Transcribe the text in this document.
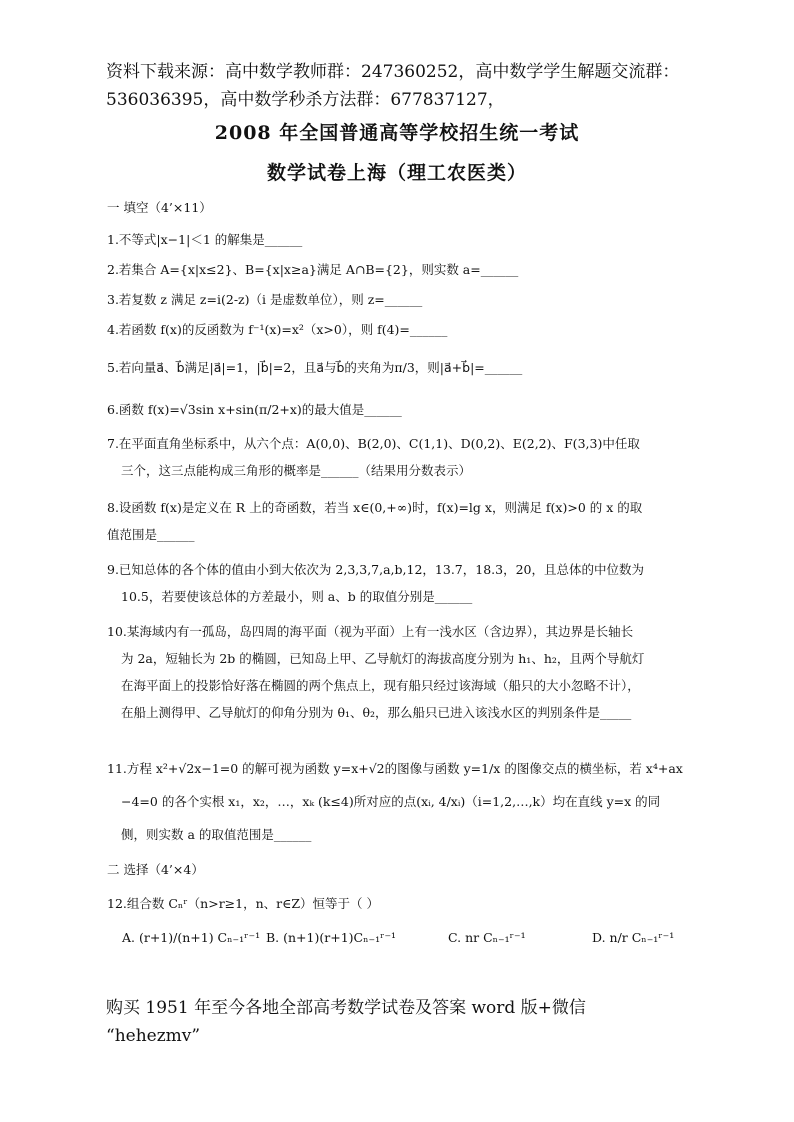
资料下载来源：高中数学教师群：247360252，高中数学学生解题交流群：
536036395，高中数学秒杀方法群：677837127，
2008 年全国普通高等学校招生统一考试
数学试卷上海（理工农医类）
一 填空（4’×11）
1.不等式|x−1|＜1 的解集是______
2.若集合 A={x|x≤2}、B={x|x≥a}满足 A∩B={2}，则实数 a=______
3.若复数 z 满足 z=i(2-z)（i 是虚数单位），则 z=______
4.若函数 f(x)的反函数为 f⁻¹(x)=x²（x>0），则 f(4)=______
5.若向量a⃗、b⃗满足|a⃗|=1，|b⃗|=2，且a⃗与b⃗的夹角为π/3，则|a⃗+b⃗|=______
6.函数 f(x)=√3sin x+sin(π/2+x)的最大值是______
7.在平面直角坐标系中，从六个点：A(0,0)、B(2,0)、C(1,1)、D(0,2)、E(2,2)、F(3,3)中任取
三个，这三点能构成三角形的概率是______（结果用分数表示）
8.设函数 f(x)是定义在 R 上的奇函数，若当 x∈(0,+∞)时，f(x)=lg x，则满足 f(x)>0 的 x 的取
值范围是______
9.已知总体的各个体的值由小到大依次为 2,3,3,7,a,b,12，13.7，18.3，20，且总体的中位数为
10.5，若要使该总体的方差最小，则 a、b 的取值分别是______
10.某海域内有一孤岛，岛四周的海平面（视为平面）上有一浅水区（含边界），其边界是长轴长
为 2a，短轴长为 2b 的椭圆，已知岛上甲、乙导航灯的海拔高度分别为 h₁、h₂，且两个导航灯
在海平面上的投影恰好落在椭圆的两个焦点上，现有船只经过该海域（船只的大小忽略不计），
在船上测得甲、乙导航灯的仰角分别为 θ₁、θ₂，那么船只已进入该浅水区的判别条件是_____
11.方程 x²+√2x−1=0 的解可视为函数 y=x+√2的图像与函数 y=1/x 的图像交点的横坐标，若 x⁴+ax
−4=0 的各个实根 x₁，x₂，…，xₖ (k≤4)所对应的点(xᵢ, 4/xᵢ)（i=1,2,…,k）均在直线 y=x 的同
侧，则实数 a 的取值范围是______
二 选择（4’×4）
12.组合数 Cₙʳ（n>r≥1，n、r∈Z）恒等于（ ）
A. (r+1)/(n+1) Cₙ₋₁ʳ⁻¹ B. (n+1)(r+1)Cₙ₋₁ʳ⁻¹	C. nr Cₙ₋₁ʳ⁻¹	D. n/r Cₙ₋₁ʳ⁻¹
购买 1951 年至今各地全部高考数学试卷及答案 word 版+微信
“hehezmv”
